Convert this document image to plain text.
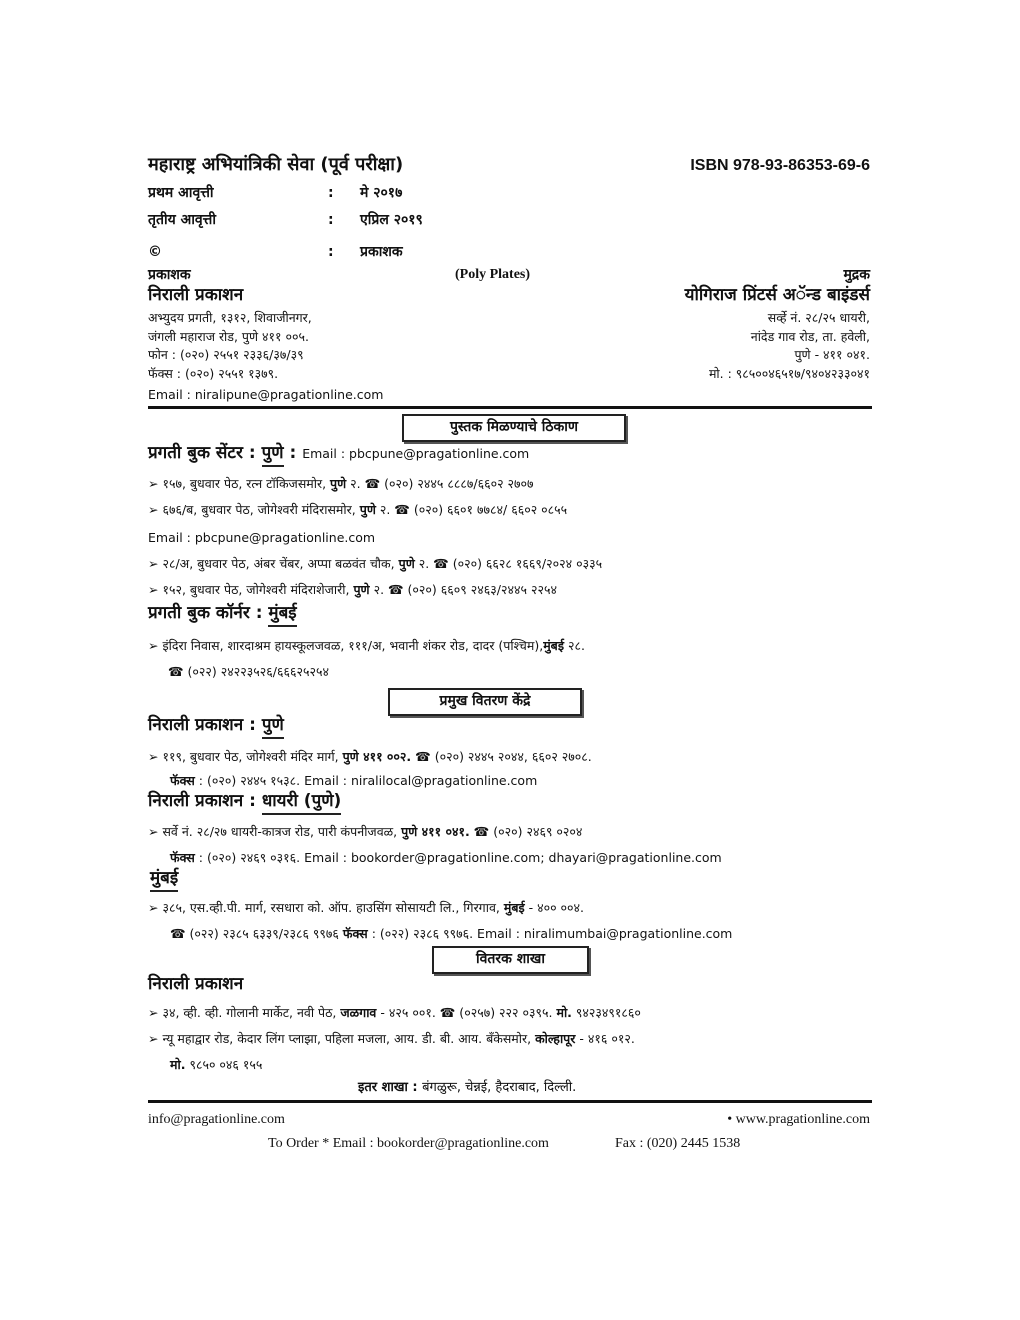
महाराष्ट्र अभियांत्रिकी सेवा (पूर्व परीक्षा)	ISBN 978-93-86353-69-6
प्रथम आवृत्ती	: मे २०१७
तृतीय आवृत्ती	: एप्रिल २०१९
©	: प्रकाशक
प्रकाशक
निराली प्रकाशन
अभ्युदय प्रगती, १३१२, शिवाजीनगर,
जंगली महाराज रोड, पुणे ४११ ००५.
फोन : (०२०) २५५१ २३३६/३७/३९
फॅक्स : (०२०) २५५१ १३७९.
Email : niralipune@pragationline.com
(Poly Plates)	मुद्रक
योगिराज प्रिंटर्स अॅन्ड बाइंडर्स
सर्व्हे नं. २८/२५ धायरी,
नांदेड गाव रोड, ता. हवेली,
पुणे - ४११ ०४१.
मो. : ९८५००४६५१७/९४०४२३३०४१
पुस्तक मिळण्याचे ठिकाण
प्रगती बुक सेंटर : पुणे : Email : pbcpune@pragationline.com
➢ १५७, बुधवार पेठ, रत्न टॉकिजसमोर, पुणे २. ☎ (०२०) २४४५ ८८८७/६६०२ २७०७
➢ ६७६/ब, बुधवार पेठ, जोगेश्वरी मंदिरासमोर, पुणे २. ☎ (०२०) ६६०१ ७७८४/ ६६०२ ०८५५
Email : pbcpune@pragationline.com
➢ २८/अ, बुधवार पेठ, अंबर चेंबर, अप्पा बळवंत चौक, पुणे २. ☎ (०२०) ६६२८ १६६९/२०२४ ०३३५
➢ १५२, बुधवार पेठ, जोगेश्वरी मंदिराशेजारी, पुणे २. ☎ (०२०) ६६०९ २४६३/२४४५ २२५४
प्रगती बुक कॉर्नर : मुंबई
➢ इंदिरा निवास, शारदाश्रम हायस्कूलजवळ, १११/अ, भवानी शंकर रोड, दादर (पश्चिम),मुंबई २८.
☎ (०२२) २४२२३५२६/६६६२५२५४
प्रमुख वितरण केंद्रे
निराली प्रकाशन : पुणे
➢ ११९, बुधवार पेठ, जोगेश्वरी मंदिर मार्ग, पुणे ४११ ००२. ☎ (०२०) २४४५ २०४४, ६६०२ २७०८.
फॅक्स : (०२०) २४४५ १५३८. Email : niralilocal@pragationline.com
निराली प्रकाशन : धायरी (पुणे)
➢ सर्वे नं. २८/२७ धायरी-कात्रज रोड, पारी कंपनीजवळ, पुणे ४११ ०४१. ☎ (०२०) २४६९ ०२०४
फॅक्स : (०२०) २४६९ ०३१६. Email : bookorder@pragationline.com; dhayari@pragationline.com
मुंबई
➢ ३८५, एस.व्ही.पी. मार्ग, रसधारा को. ऑप. हाउसिंग सोसायटी लि., गिरगाव, मुंबई - ४०० ००४.
☎ (०२२) २३८५ ६३३९/२३८६ ९९७६ फॅक्स : (०२२) २३८६ ९९७६. Email : niralimumbai@pragationline.com
वितरक शाखा
निराली प्रकाशन
➢ ३४, व्ही. व्ही. गोलानी मार्केट, नवी पेठ, जळगाव - ४२५ ००१. ☎ (०२५७) २२२ ०३९५. मो. ९४२३४९१८६०
➢ न्यू महाद्वार रोड, केदार लिंग प्लाझा, पहिला मजला, आय. डी. बी. आय. बँकेसमोर, कोल्हापूर - ४१६ ०१२.
मो. ९८५० ०४६ १५५
इतर शाखा : बंगळुरू, चेन्नई, हैदराबाद, दिल्ली.
info@pragationline.com	• www.pragationline.com
To Order * Email : bookorder@pragationline.com	Fax : (020) 2445 1538
